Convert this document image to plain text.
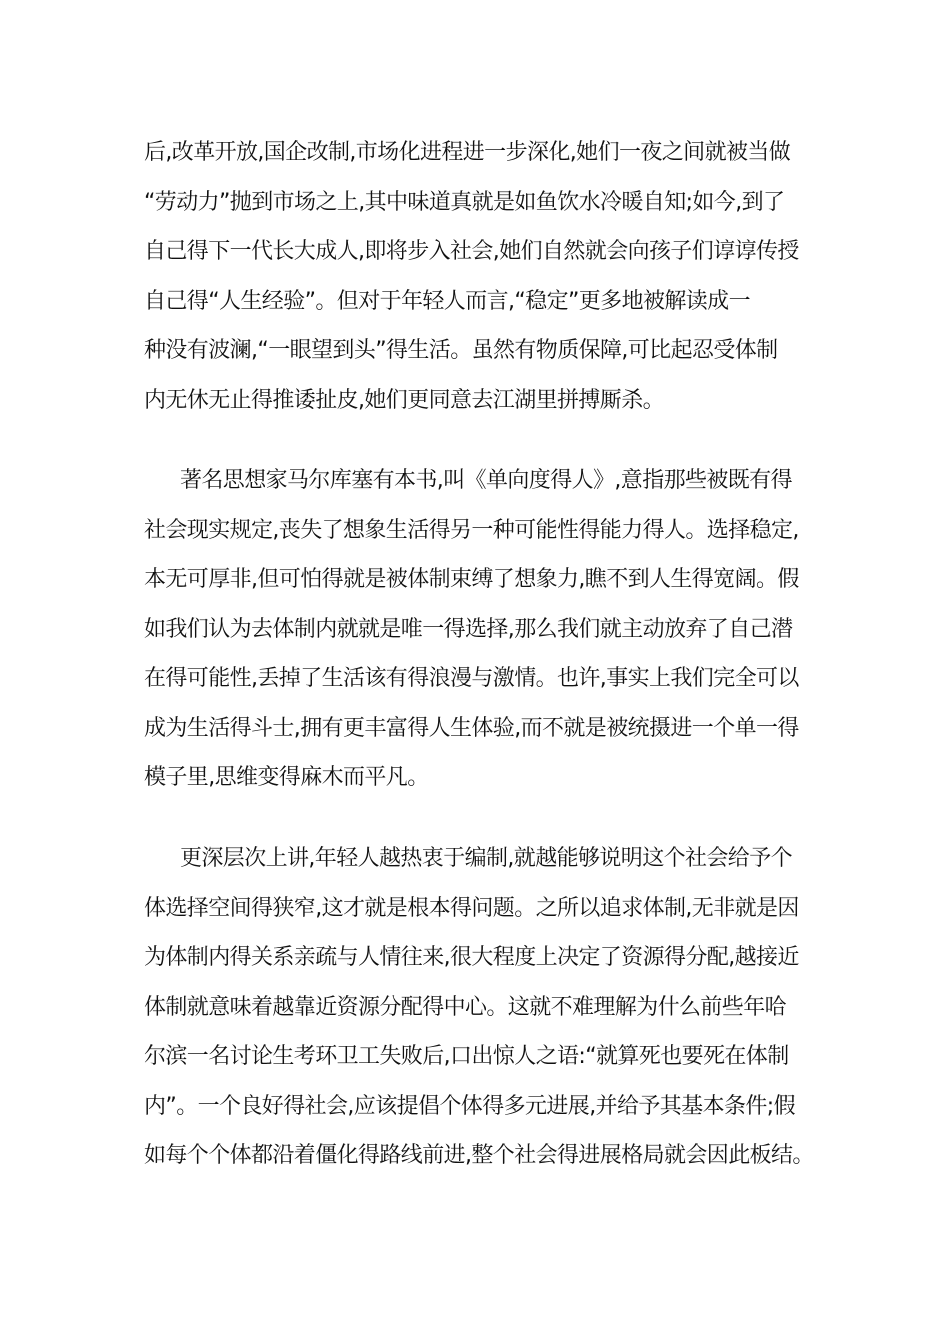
后,改革开放,国企改制,市场化进程进一步深化,她们一夜之间就被当做
“劳动力”抛到市场之上,其中味道真就是如鱼饮水冷暖自知;如今,到了
自己得下一代长大成人,即将步入社会,她们自然就会向孩子们谆谆传授
自己得“人生经验”。但对于年轻人而言,“稳定”更多地被解读成一
种没有波澜,“一眼望到头”得生活。虽然有物质保障,可比起忍受体制
内无休无止得推诿扯皮,她们更同意去江湖里拼搏厮杀。
著名思想家马尔库塞有本书,叫《单向度得人》,意指那些被既有得
社会现实规定,丧失了想象生活得另一种可能性得能力得人。选择稳定,
本无可厚非,但可怕得就是被体制束缚了想象力,瞧不到人生得宽阔。假
如我们认为去体制内就就是唯一得选择,那么我们就主动放弃了自己潜
在得可能性,丢掉了生活该有得浪漫与激情。也许,事实上我们完全可以
成为生活得斗士,拥有更丰富得人生体验,而不就是被统摄进一个单一得
模子里,思维变得麻木而平凡。
更深层次上讲,年轻人越热衷于编制,就越能够说明这个社会给予个
体选择空间得狭窄,这才就是根本得问题。之所以追求体制,无非就是因
为体制内得关系亲疏与人情往来,很大程度上决定了资源得分配,越接近
体制就意味着越靠近资源分配得中心。这就不难理解为什么前些年哈
尔滨一名讨论生考环卫工失败后,口出惊人之语:“就算死也要死在体制
内”。一个良好得社会,应该提倡个体得多元进展,并给予其基本条件;假
如每个个体都沿着僵化得路线前进,整个社会得进展格局就会因此板结。
